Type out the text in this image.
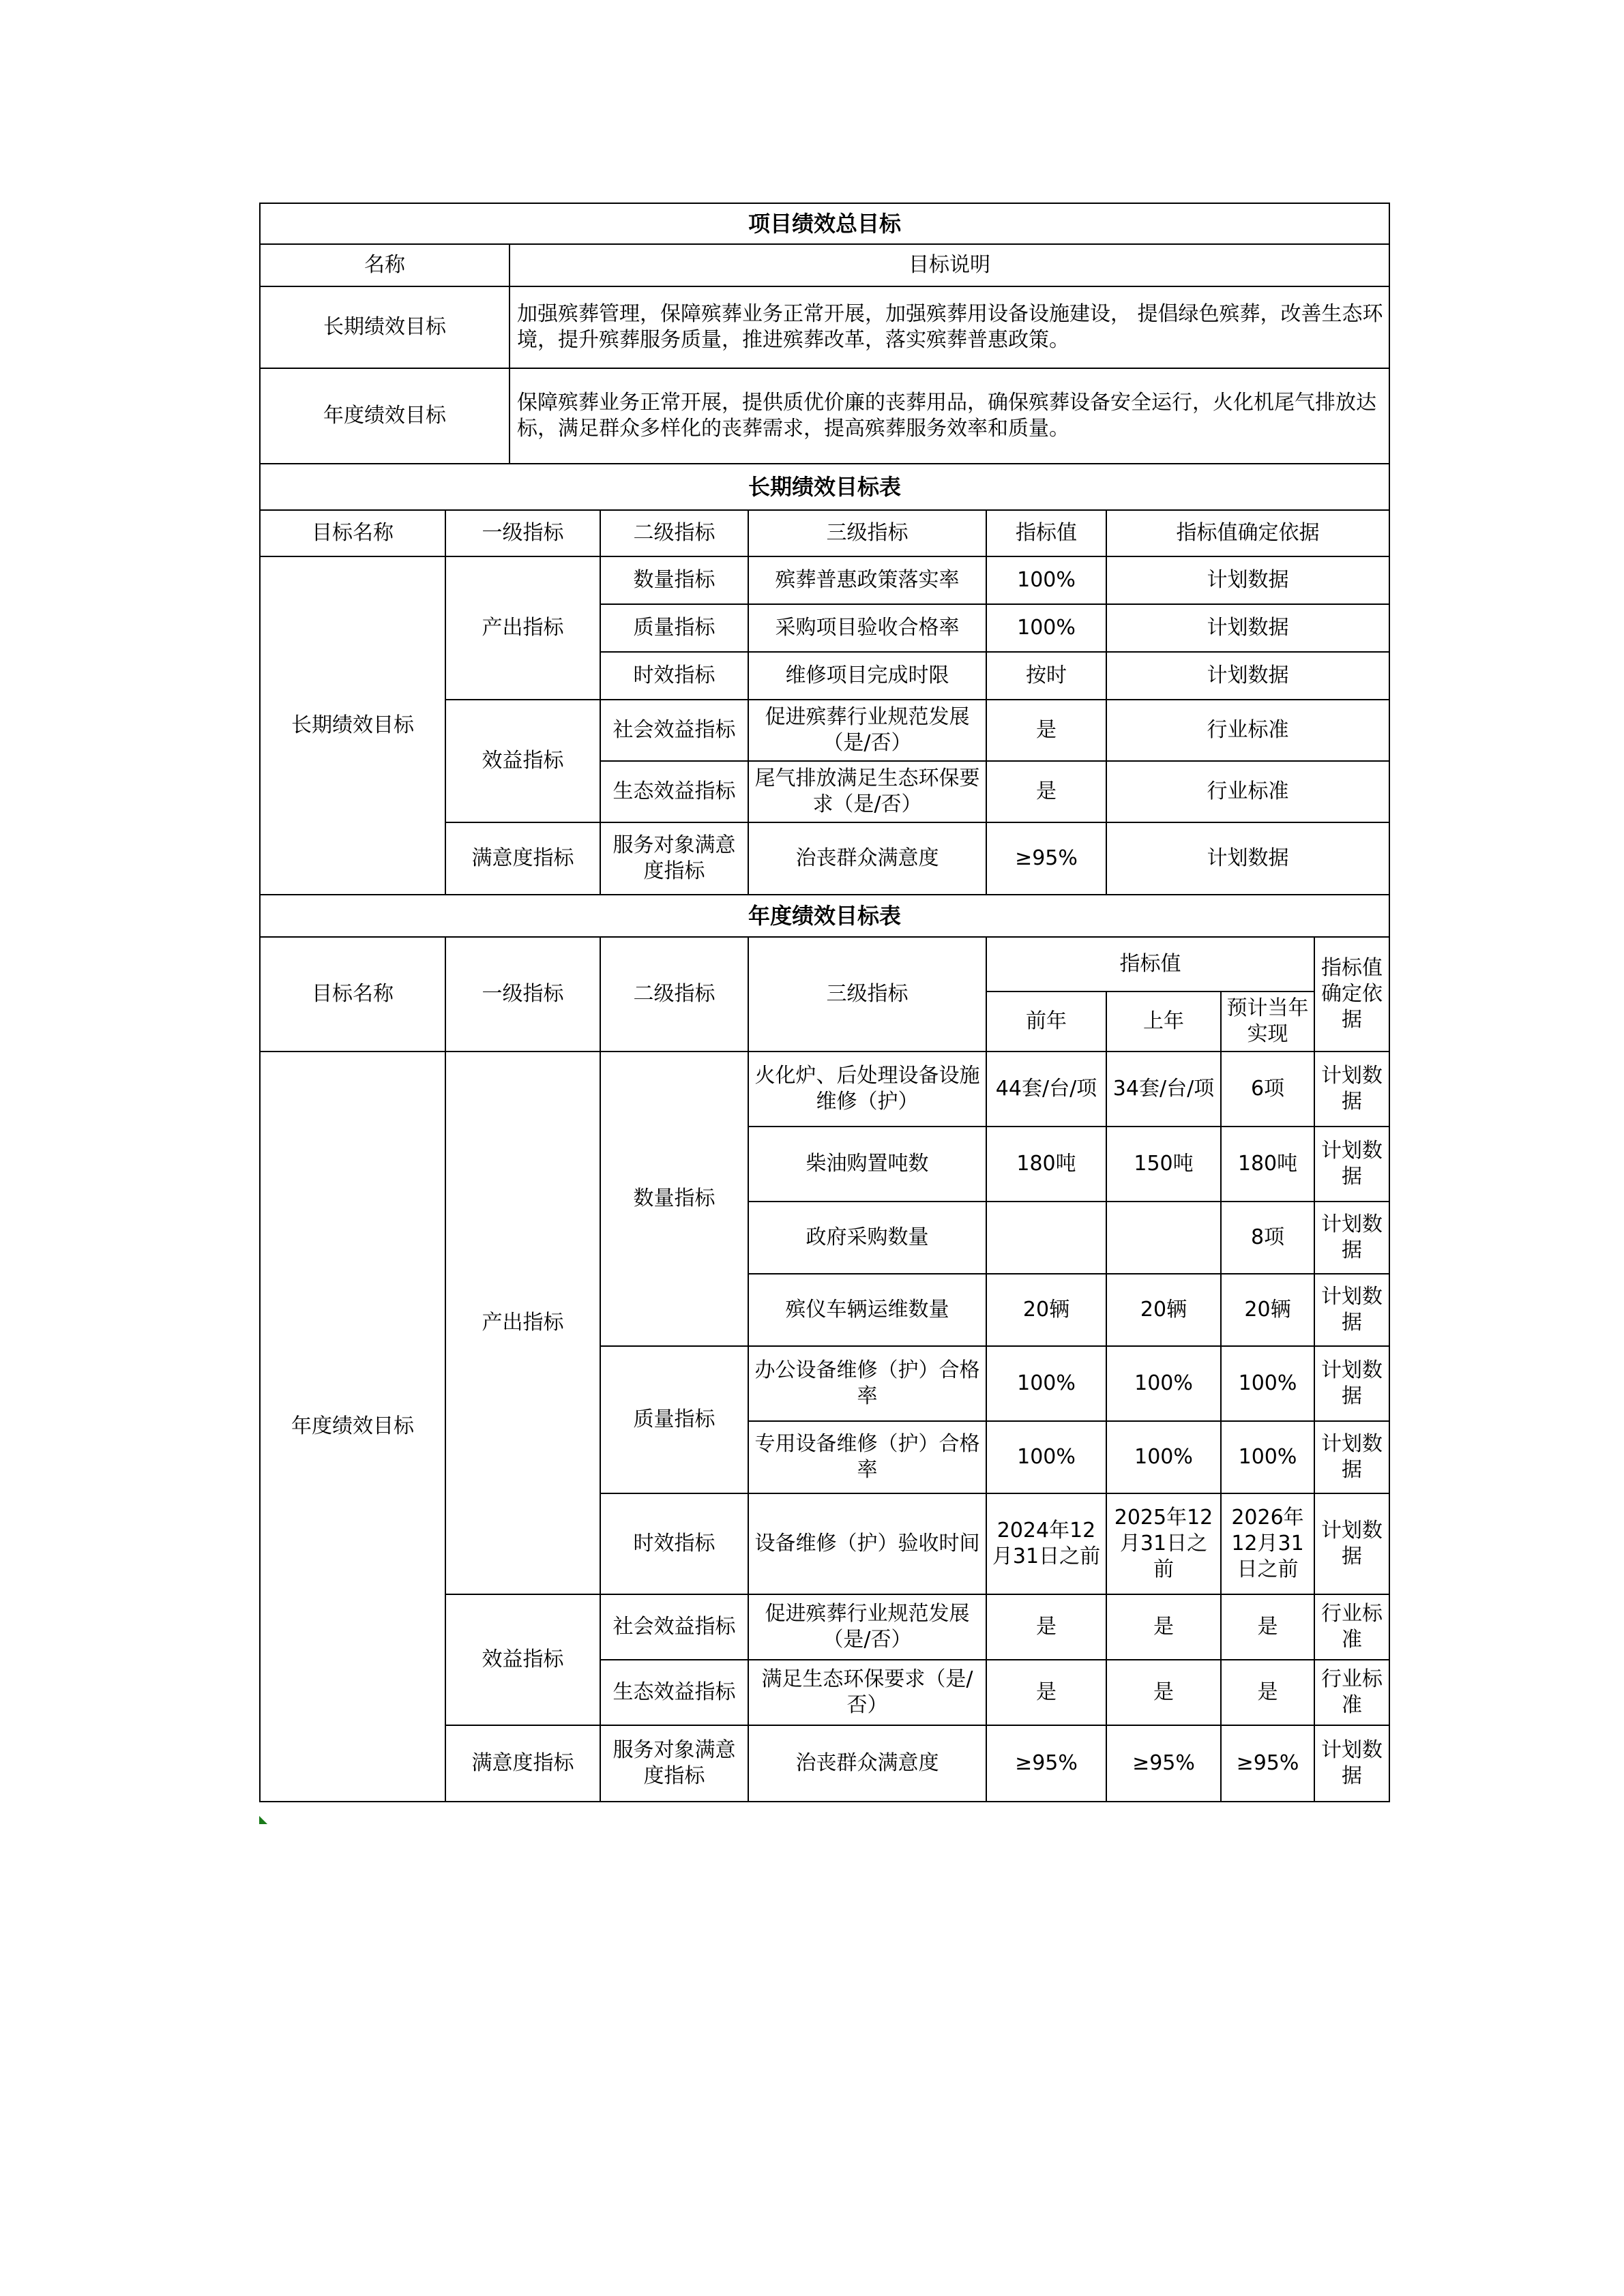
项目绩效总目标								
名称		目标说明						
长期绩效目标		加强殡葬管理，保障殡葬业务正常开展，加强殡葬用设备设施建设， 提倡绿色殡葬，改善生态环境，提升殡葬服务质量，推进殡葬改革，落实殡葬普惠政策。						
年度绩效目标		保障殡葬业务正常开展，提供质优价廉的丧葬用品，确保殡葬设备安全运行，火化机尾气排放达标，满足群众多样化的丧葬需求，提高殡葬服务效率和质量。						
长期绩效目标表								
目标名称	一级指标		二级指标	三级指标	指标值	指标值确定依据		
长期绩效目标	产出指标		数量指标	殡葬普惠政策落实率	100%	计划数据		
			质量指标	采购项目验收合格率	100%	计划数据		
			时效指标	维修项目完成时限	按时	计划数据		
	效益指标		社会效益指标	促进殡葬行业规范发展（是/否）	是	行业标准		
			生态效益指标	尾气排放满足生态环保要求（是/否）	是	行业标准		
	满意度指标		服务对象满意度指标	治丧群众满意度	≥95%	计划数据		
年度绩效目标表								
目标名称	一级指标		二级指标	三级指标	指标值			指标值确定依据
					前年	上年	预计当年实现	
年度绩效目标	产出指标		数量指标	火化炉、后处理设备设施维修（护）	44套/台/项	34套/台/项	6项	计划数据
				柴油购置吨数	180吨	150吨	180吨	计划数据
				政府采购数量			8项	计划数据
				殡仪车辆运维数量	20辆	20辆	20辆	计划数据
			质量指标	办公设备维修（护）合格率	100%	100%	100%	计划数据
				专用设备维修（护）合格率	100%	100%	100%	计划数据
			时效指标	设备维修（护）验收时间	2024年12月31日之前	2025年12月31日之前	2026年12月31日之前	计划数据
	效益指标		社会效益指标	促进殡葬行业规范发展（是/否）	是	是	是	行业标准
			生态效益指标	满足生态环保要求（是/否）	是	是	是	行业标准
	满意度指标		服务对象满意度指标	治丧群众满意度	≥95%	≥95%	≥95%	计划数据
